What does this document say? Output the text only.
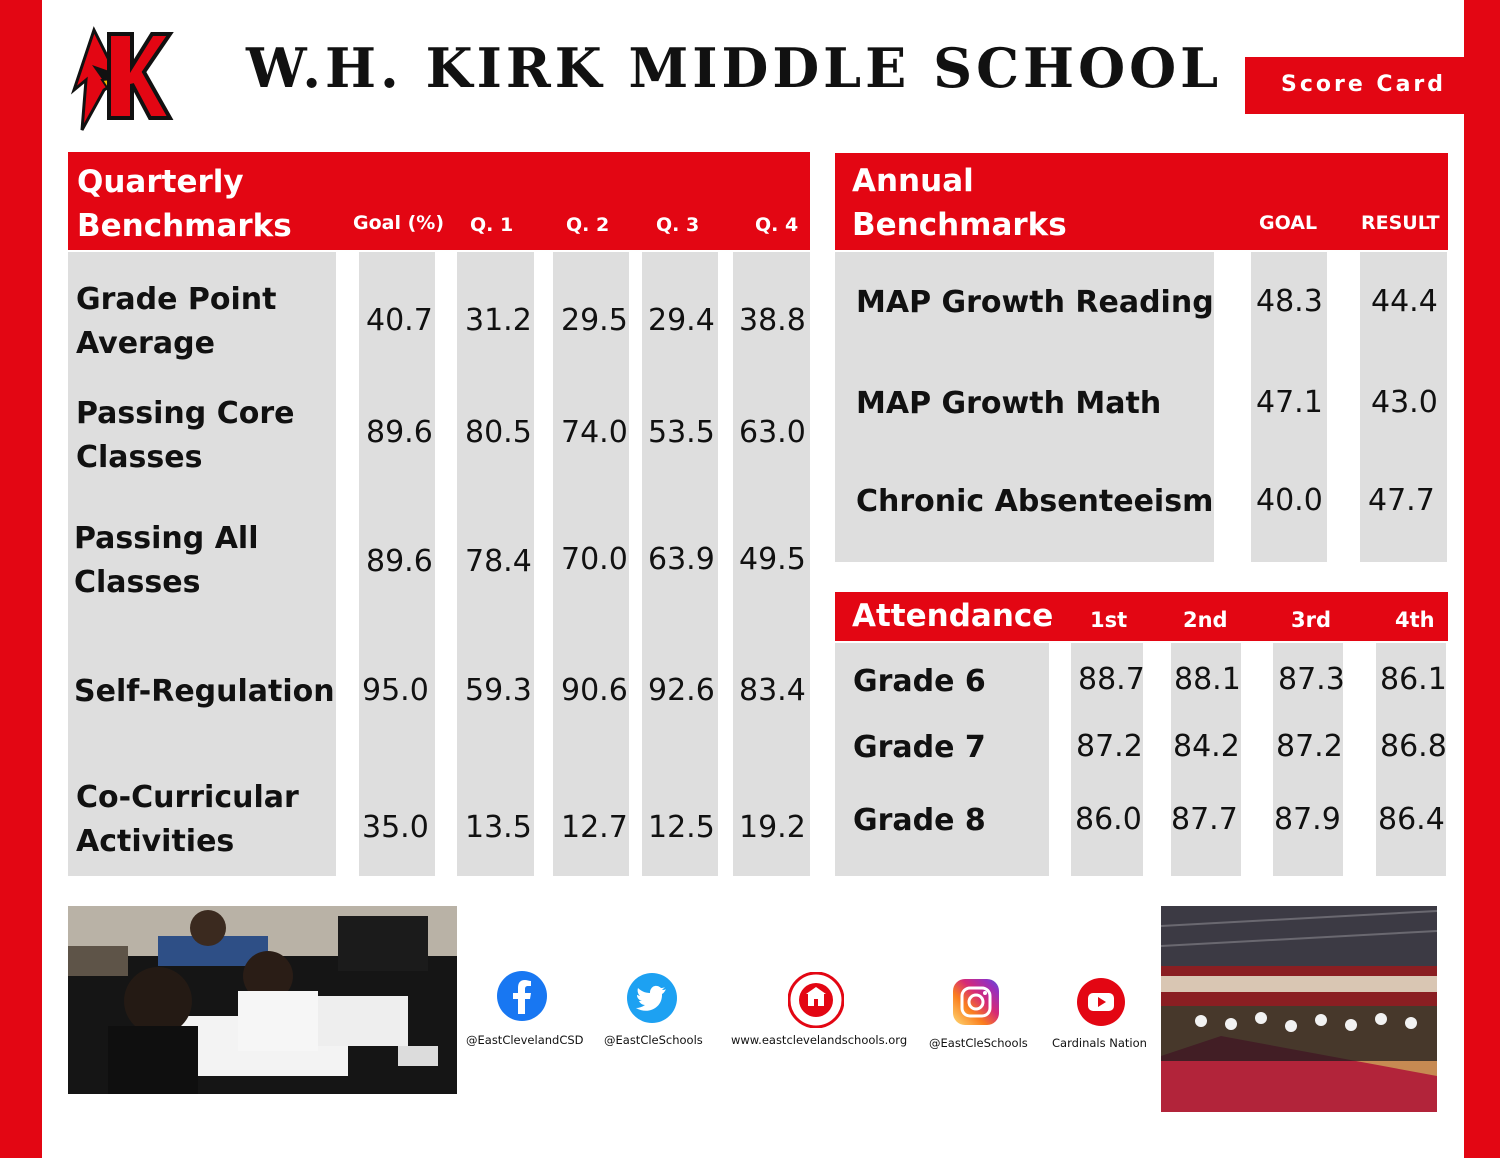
W.H. KIRK MIDDLE SCHOOL	Score Card
Quarterly
Benchmarks	Goal (%) Q. 1	Q. 2 Q. 3	Q. 4
Grade Point
Average
40.7 31.2 29.5 29.4 38.8
Passing Core
Classes
89.6 80.5 74.0 53.5 63.0
Passing All
Classes
89.6 78.4 70.0 63.9 49.5
Self-Regulation 95.0 59.3 90.6 92.6 83.4
Co-Curricular
Activities	35.0 13.5 12.7 12.5 19.2
Annual
Benchmarks	GOAL RESULT
MAP Growth Reading 48.3 44.4
MAP Growth Math	47.1 43.0
Chronic Absenteeism 40.0 47.7
Attendance 1st	2nd	3rd	4th
Grade 6	88.7 88.1 87.3 86.1
Grade 7	87.2 84.2 87.2 86.8
Grade 8	86.0 87.7 87.9 86.4
@EastClevelandCSD @EastCleSchools www.eastclevelandschools.org @EastCleSchools Cardinals Nation
